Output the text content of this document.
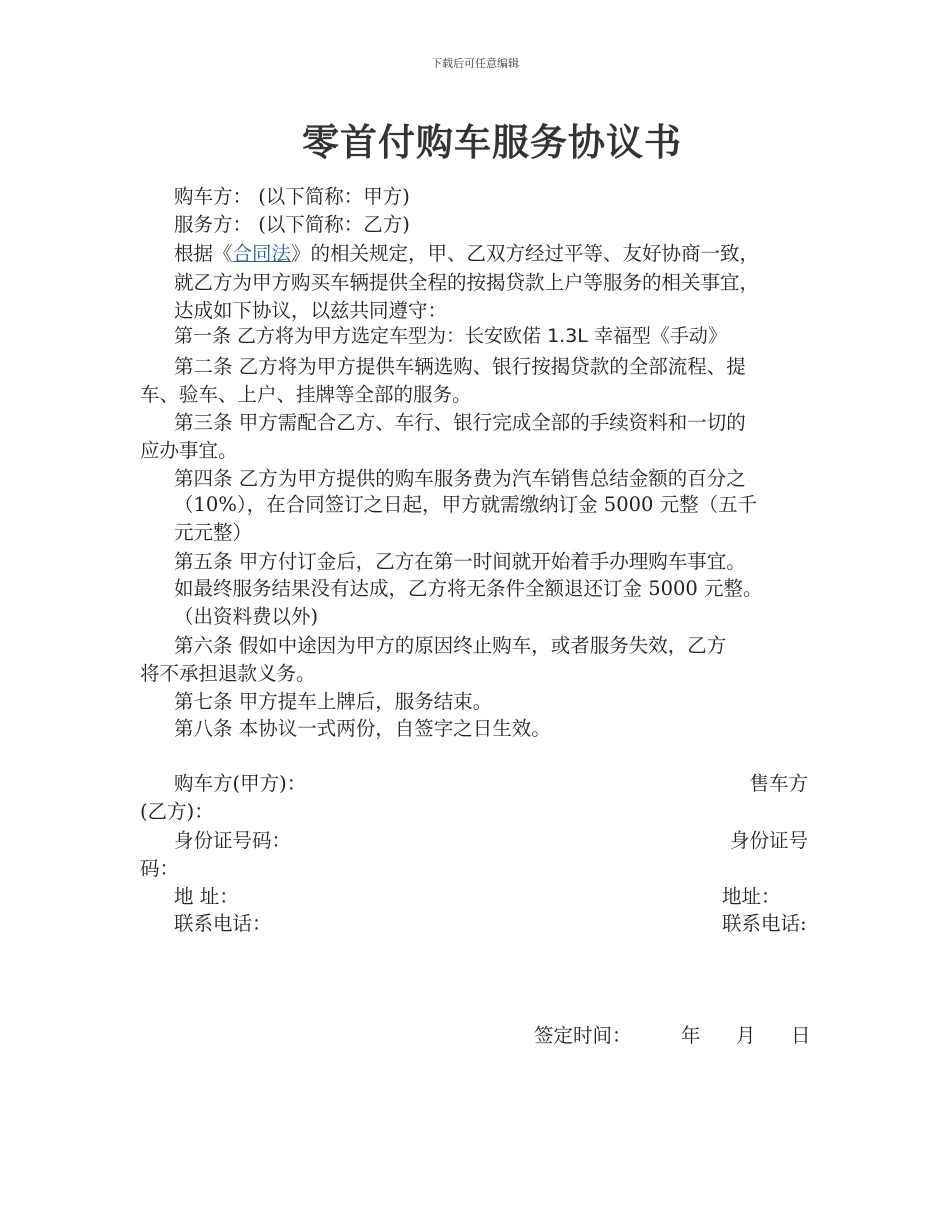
下载后可任意编辑
零首付购车服务协议书
购车方： (以下简称：甲方)
服务方： (以下简称：乙方)
根据《合同法》的相关规定，甲、乙双方经过平等、友好协商一致，
就乙方为甲方购买车辆提供全程的按揭贷款上户等服务的相关事宜，
达成如下协议，以兹共同遵守：
第一条 乙方将为甲方选定车型为：长安欧偌 1.3L 幸福型《手动》
第二条 乙方将为甲方提供车辆选购、银行按揭贷款的全部流程、提
车、验车、上户、挂牌等全部的服务。
第三条 甲方需配合乙方、车行、银行完成全部的手续资料和一切的
应办事宜。
第四条 乙方为甲方提供的购车服务费为汽车销售总结金额的百分之
（10%），在合同签订之日起，甲方就需缴纳订金 5000 元整（五千
元元整）
第五条 甲方付订金后，乙方在第一时间就开始着手办理购车事宜。
如最终服务结果没有达成，乙方将无条件全额退还订金 5000 元整。
（出资料费以外)
第六条 假如中途因为甲方的原因终止购车，或者服务失效，乙方
将不承担退款义务。
第七条 甲方提车上牌后，服务结束。
第八条 本协议一式两份，自签字之日生效。
购车方(甲方)：	售车方
(乙方)：
身份证号码：	身份证号
码：
地 址：	地址：
联系电话：	联系电话:
签定时间：	年 月 日
